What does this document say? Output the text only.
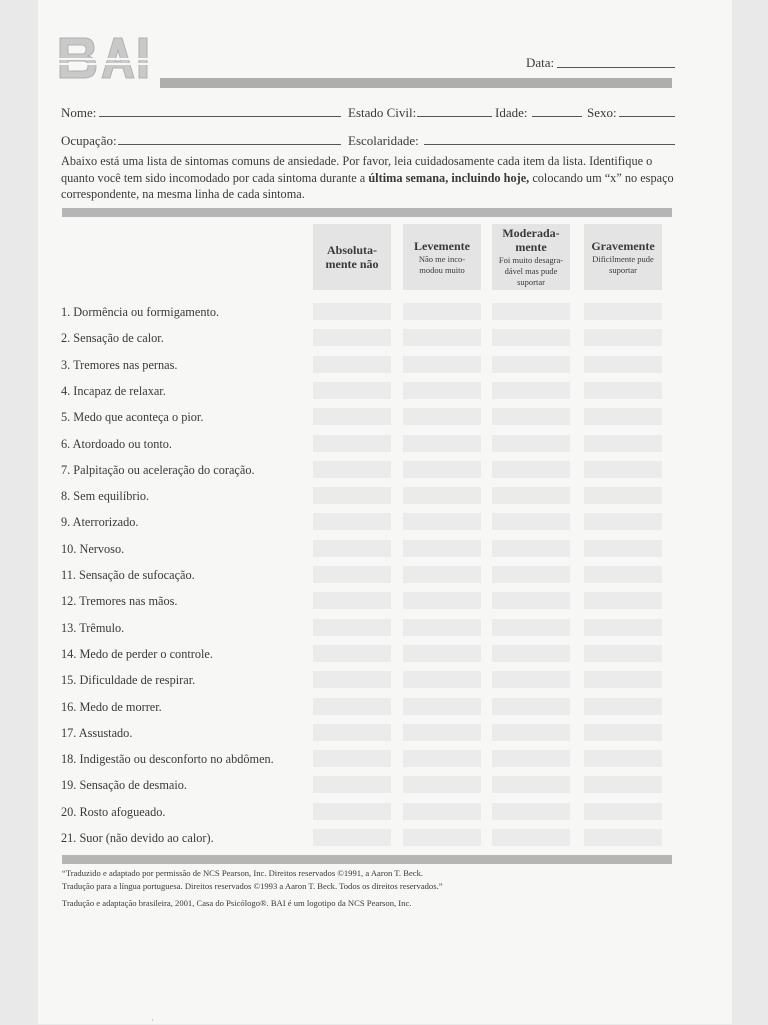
Data:
Nome:	Estado Civil:	Idade:	Sexo:
Ocupação:	Escolaridade:
Abaixo está uma lista de sintomas comuns de ansiedade. Por favor, leia cuidadosamente cada item da lista. Identifique o quanto você tem sido incomodado por cada sintoma durante a última semana, incluindo hoje, colocando um “x” no espaço correspondente, na mesma linha de cada sintoma.
Absoluta-
mente não
Levemente
Não me inco-
modou muito
Moderada-
mente
Foi muito desagra-
dável mas pude
suportar
Gravemente
Dificilmente pude
suportar
1. Dormência ou formigamento.
2. Sensação de calor.
3. Tremores nas pernas.
4. Incapaz de relaxar.
5. Medo que aconteça o pior.
6. Atordoado ou tonto.
7. Palpitação ou aceleração do coração.
8. Sem equilíbrio.
9. Aterrorizado.
10. Nervoso.
11. Sensação de sufocação.
12. Tremores nas mãos.
13. Trêmulo.
14. Medo de perder o controle.
15. Dificuldade de respirar.
16. Medo de morrer.
17. Assustado.
18. Indigestão ou desconforto no abdômen.
19. Sensação de desmaio.
20. Rosto afogueado.
21. Suor (não devido ao calor).
“Traduzido e adaptado por permissão de NCS Pearson, Inc. Direitos reservados ©1991, a Aaron T. Beck.
Tradução para a língua portuguesa. Direitos reservados ©1993 a Aaron T. Beck. Todos os direitos reservados.”
Tradução e adaptação brasileira, 2001, Casa do Psicólogo®. BAI é um logotipo da NCS Pearson, Inc.
·
